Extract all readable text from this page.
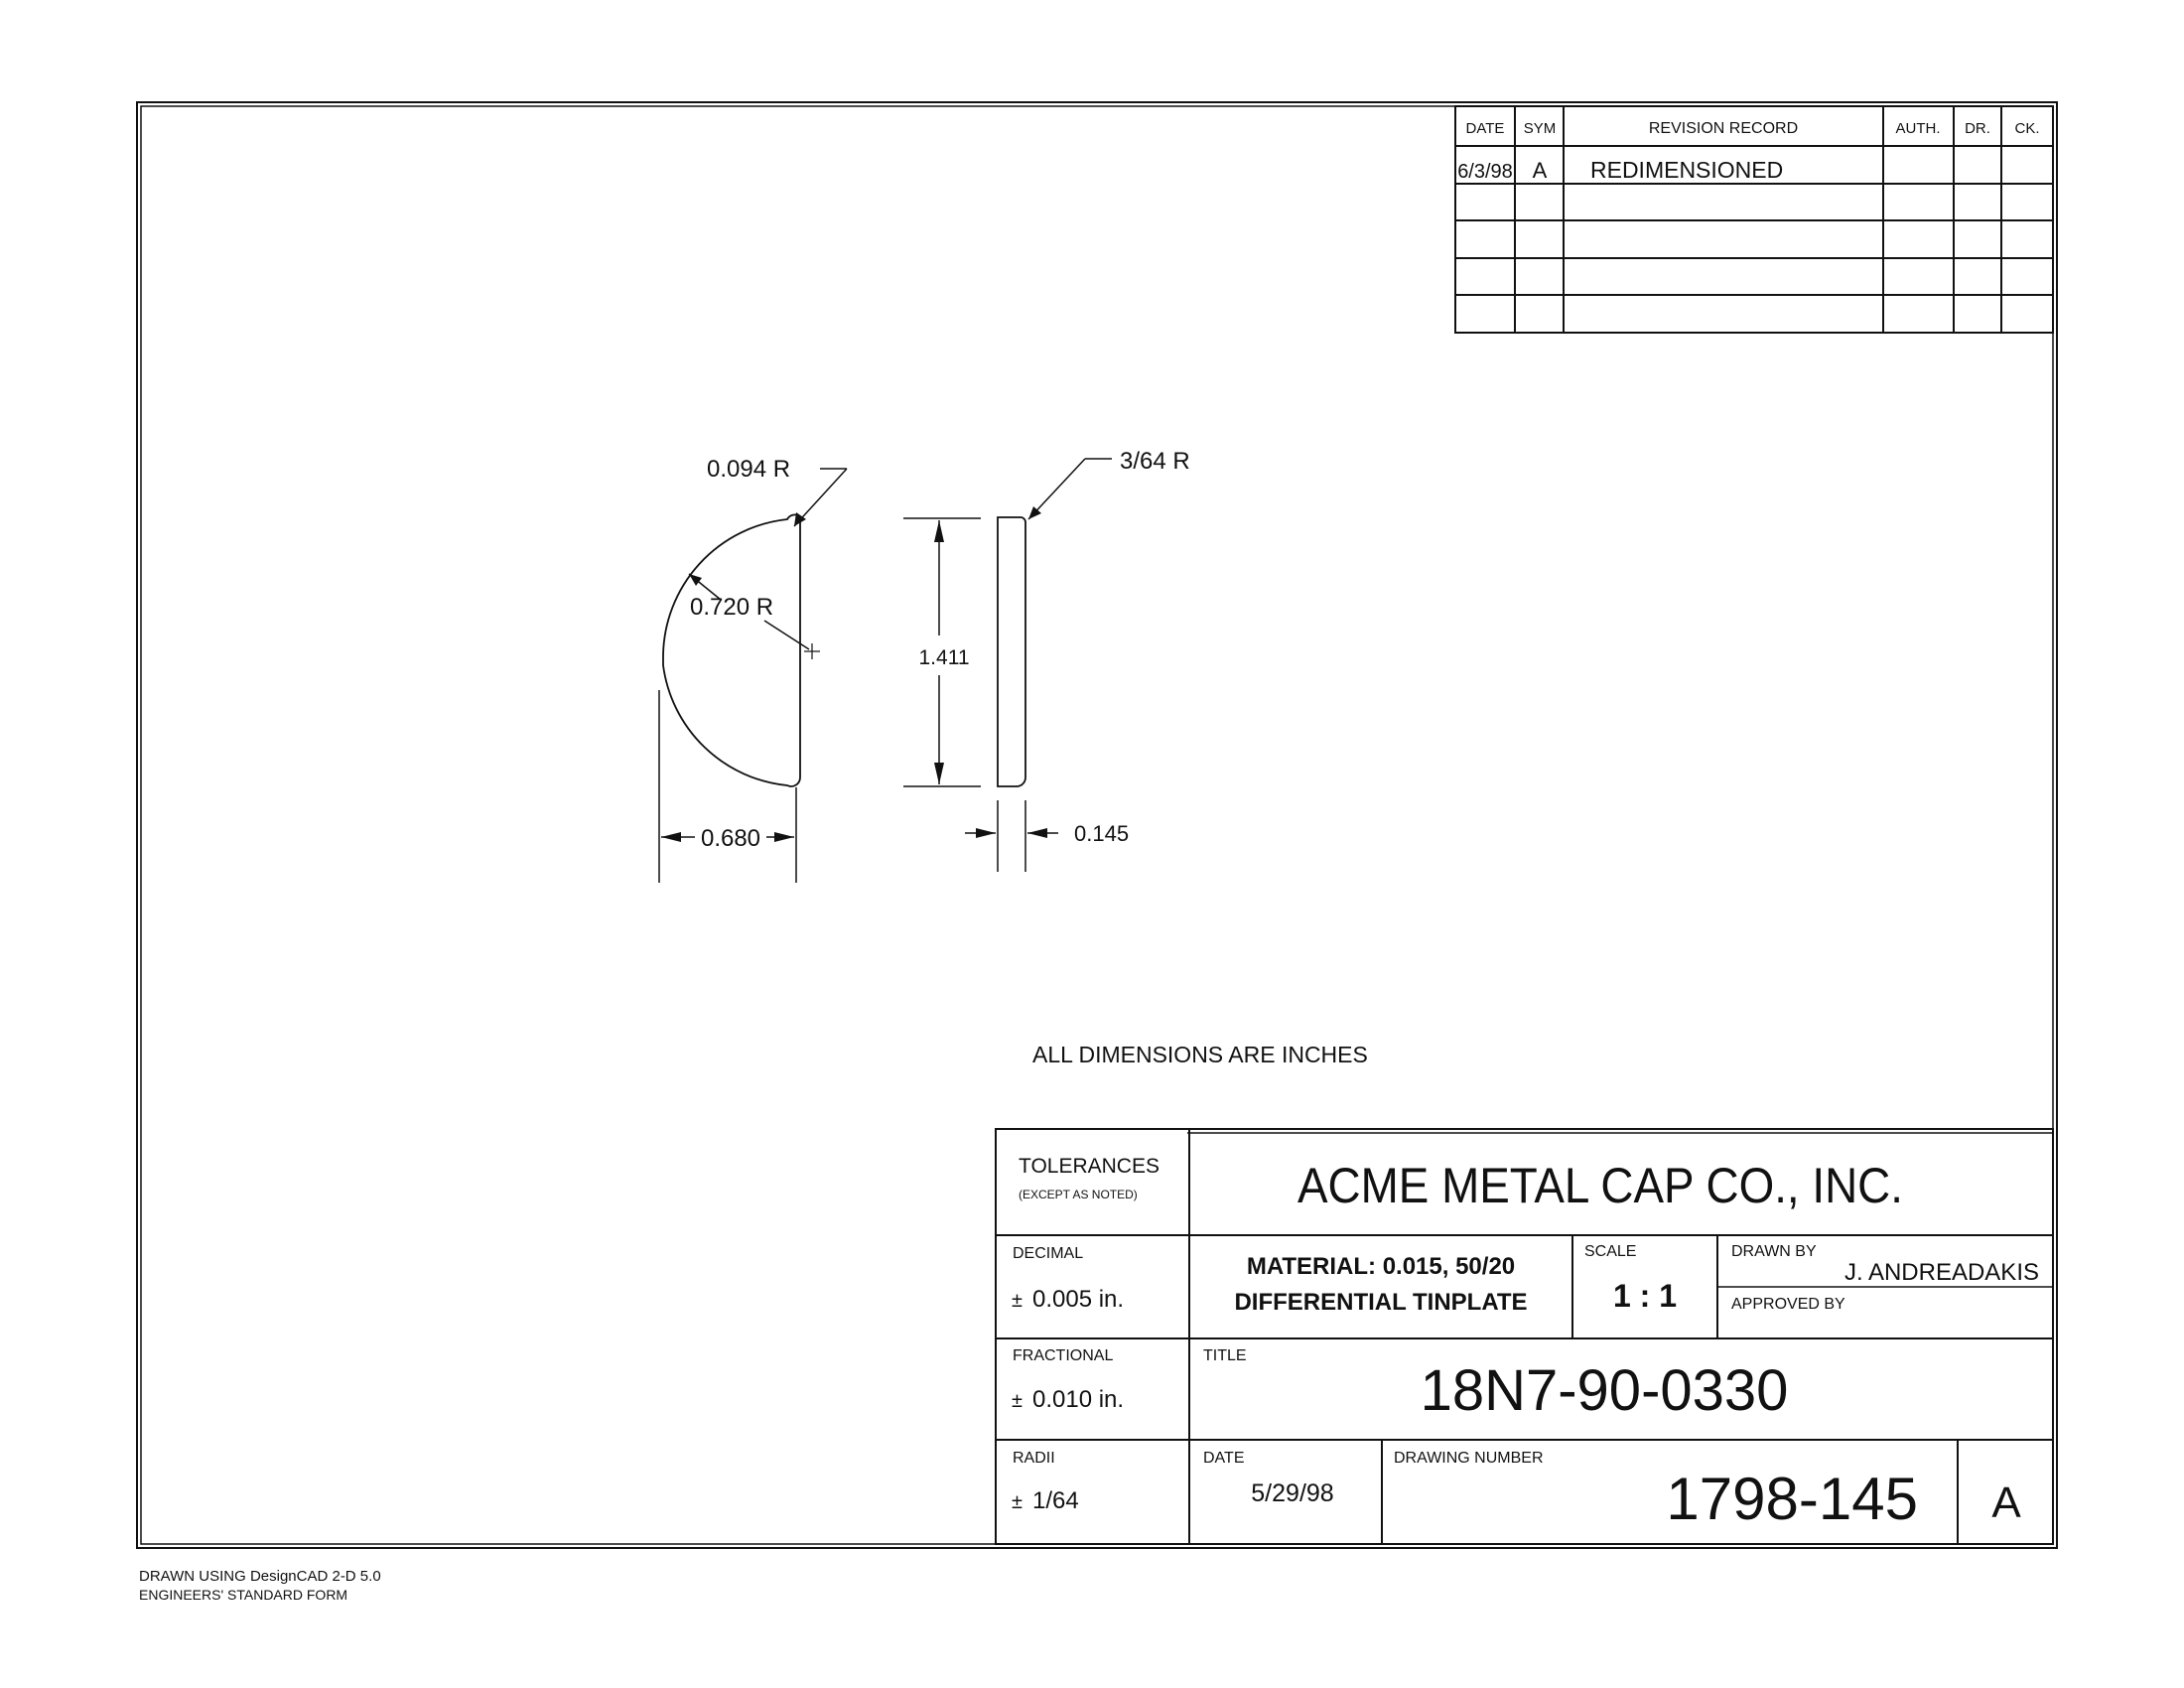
DATE SYM	REVISION RECORD	AUTH. DR. CK.
6/3/98 A REDIMENSIONED
0.094 R
0.720 R
0.680
1.411
3/64 R
0.145
ALL DIMENSIONS ARE INCHES
TOLERANCES
(EXCEPT AS NOTED)	ACME METAL CAP CO., INC.
DECIMAL
± 0.005 in.
MATERIAL: 0.015, 50/20
DIFFERENTIAL TINPLATE
SCALE
1 : 1
DRAWN BY
J. ANDREADAKIS
APPROVED BY
FRACTIONAL
± 0.010 in.
TITLE
18N7-90-0330
RADII
± 1/64
DATE
5/29/98
DRAWING NUMBER
1798-145 A
DRAWN USING DesignCAD 2-D 5.0
ENGINEERS' STANDARD FORM
